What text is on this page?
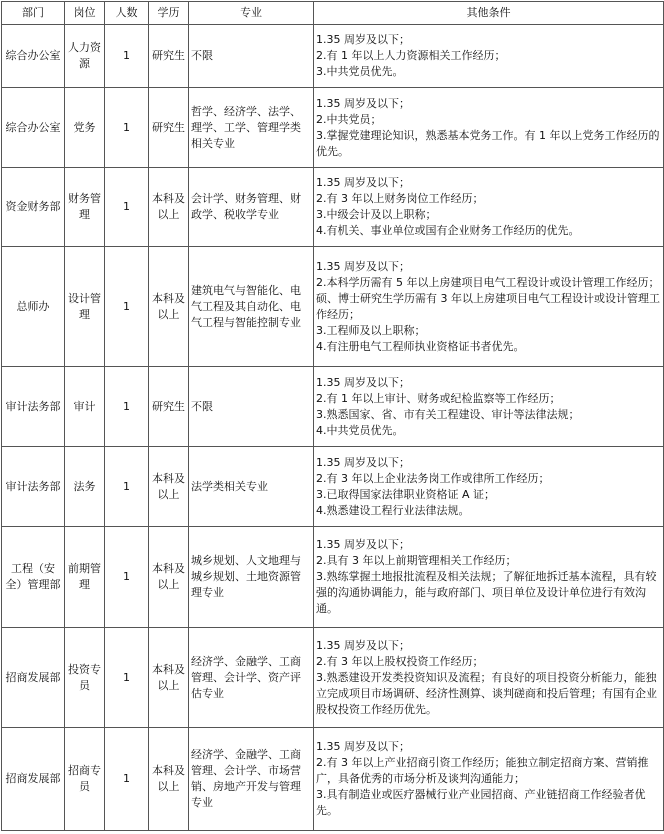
部门	岗位	人数	学历	专业	其他条件
综合办公室	人力资源	1	研究生	不限	1.35 周岁及以下；
2.有 1 年以上人力资源相关工作经历；
3.中共党员优先。

综合办公室	党务	1	研究生	哲学、经济学、法学、理学、工学、管理学类相关专业	1.35 周岁及以下；
2.中共党员；
3.掌握党建理论知识，熟悉基本党务工作。有 1 年以上党务工作经历的优先。

资金财务部	财务管理	1	本科及以上	会计学、财务管理、财政学、税收学专业	1.35 周岁及以下；
2.有 3 年以上财务岗位工作经历；
3.中级会计及以上职称；
4.有机关、事业单位或国有企业财务工作经历的优先。

总师办	设计管理	1	本科及以上	建筑电气与智能化、电气工程及其自动化、电气工程与智能控制专业	1.35 周岁及以下；
2.本科学历需有 5 年以上房建项目电气工程设计或设计管理工作经历；硕、博士研究生学历需有 3 年以上房建项目电气工程设计或设计管理工作经历；
3.工程师及以上职称；
4.有注册电气工程师执业资格证书者优先。

审计法务部	审计	1	研究生	不限	1.35 周岁及以下；
2.有 1 年以上审计、财务或纪检监察等工作经历；
3.熟悉国家、省、市有关工程建设、审计等法律法规；
4.中共党员优先。

审计法务部	法务	1	本科及以上	法学类相关专业	1.35 周岁及以下；
2.有 3 年以上企业法务岗工作或律所工作经历；
3.已取得国家法律职业资格证 A 证；
4.熟悉建设工程行业法律法规。

工程（安全）管理部	前期管理	1	本科及以上	城乡规划、人文地理与城乡规划、土地资源管理专业	1.35 周岁及以下；
2.具有 3 年以上前期管理相关工作经历；
3.熟练掌握土地报批流程及相关法规；了解征地拆迁基本流程，具有较强的沟通协调能力，能与政府部门、项目单位及设计单位进行有效沟通。

招商发展部	投资专员	1	本科及以上	经济学、金融学、工商管理、会计学、资产评估专业	1.35 周岁及以下；
2.有 3 年以上股权投资工作经历；
3.熟悉建设开发类投资知识及流程；有良好的项目投资分析能力，能独立完成项目市场调研、经济性测算、谈判磋商和投后管理；有国有企业股权投资工作经历优先。

招商发展部	招商专员	1	本科及以上	经济学、金融学、工商管理、会计学、市场营销、房地产开发与管理专业	1.35 周岁及以下；
2.有 3 年以上产业招商引资工作经历；能独立制定招商方案、营销推广，具备优秀的市场分析及谈判沟通能力；
3.具有制造业或医疗器械行业产业园招商、产业链招商工作经验者优先。
